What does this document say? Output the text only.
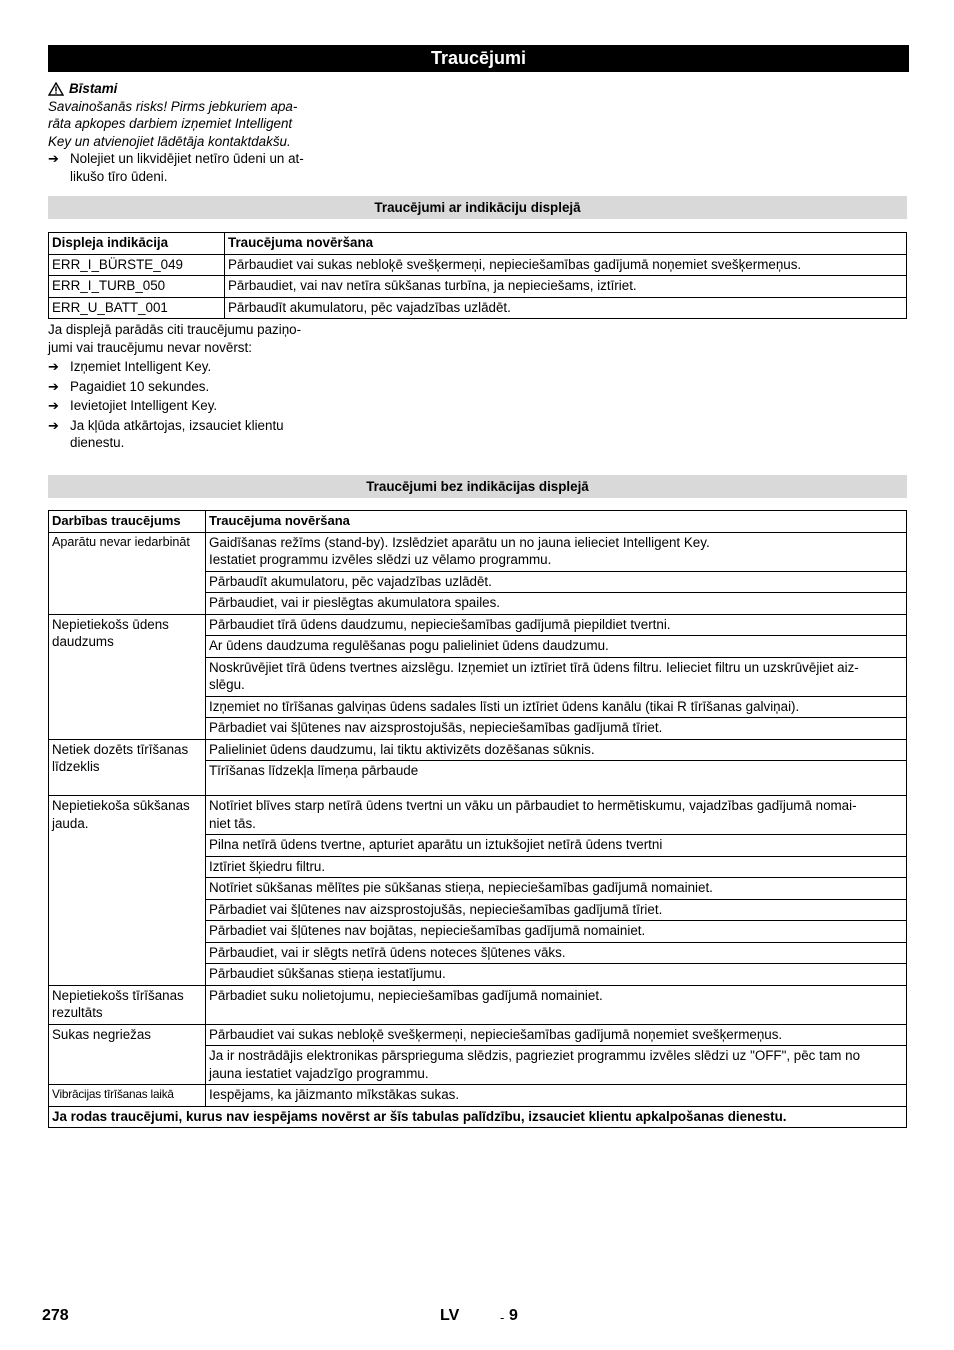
Traucējumi
Bīstami
Savainošanās risks! Pirms jebkuriem apa-
rāta apkopes darbiem izņemiet Intelligent
Key un atvienojiet lādētāja kontaktdakšu.
➔ Nolejiet un likvidējiet netīro ūdeni un at-
likušo tīro ūdeni.
Traucējumi ar indikāciju displejā
Displeja indikācija	Traucējuma novēršana
ERR_I_BÜRSTE_049	Pārbaudiet vai sukas nebloķē svešķermeņi, nepieciešamības gadījumā noņemiet svešķermeņus.
ERR_I_TURB_050	Pārbaudiet, vai nav netīra sūkšanas turbīna, ja nepieciešams, iztīriet.
ERR_U_BATT_001	Pārbaudīt akumulatoru, pēc vajadzības uzlādēt.
Ja displejā parādās citi traucējumu paziņo-
jumi vai traucējumu nevar novērst:
➔ Izņemiet Intelligent Key.
➔ Pagaidiet 10 sekundes.
➔ Ievietojiet Intelligent Key.
➔ Ja kļūda atkārtojas, izsauciet klientu
dienestu.
Traucējumi bez indikācijas displejā
Darbības traucējums	Traucējuma novēršana
Aparātu nevar iedarbināt	Gaidīšanas režīms (stand-by). Izslēdziet aparātu un no jauna ielieciet Intelligent Key.
Iestatiet programmu izvēles slēdzi uz vēlamo programmu.
	Pārbaudīt akumulatoru, pēc vajadzības uzlādēt.
	Pārbaudiet, vai ir pieslēgtas akumulatora spailes.
Nepietiekošs ūdens daudzums	Pārbaudiet tīrā ūdens daudzumu, nepieciešamības gadījumā piepildiet tvertni.
	Ar ūdens daudzuma regulēšanas pogu palieliniet ūdens daudzumu.
	Noskrūvējiet tīrā ūdens tvertnes aizslēgu. Izņemiet un iztīriet tīrā ūdens filtru. Ielieciet filtru un uzskrūvējiet aiz-
slēgu.
	Izņemiet no tīrīšanas galviņas ūdens sadales līsti un iztīriet ūdens kanālu (tikai R tīrīšanas galviņai).
	Pārbadiet vai šļūtenes nav aizsprostojušās, nepieciešamības gadījumā tīriet.
Netiek dozēts tīrīšanas līdzeklis	Palieliniet ūdens daudzumu, lai tiktu aktivizēts dozēšanas sūknis.
	Tīrīšanas līdzekļa līmeņa pārbaude
Nepietiekoša sūkšanas jauda.	Notīriet blīves starp netīrā ūdens tvertni un vāku un pārbaudiet to hermētiskumu, vajadzības gadījumā nomai-
niet tās.
	Pilna netīrā ūdens tvertne, apturiet aparātu un iztukšojiet netīrā ūdens tvertni
	Iztīriet šķiedru filtru.
	Notīriet sūkšanas mēlītes pie sūkšanas stieņa, nepieciešamības gadījumā nomainiet.
	Pārbadiet vai šļūtenes nav aizsprostojušās, nepieciešamības gadījumā tīriet.
	Pārbadiet vai šļūtenes nav bojātas, nepieciešamības gadījumā nomainiet.
	Pārbaudiet, vai ir slēgts netīrā ūdens noteces šļūtenes vāks.
	Pārbaudiet sūkšanas stieņa iestatījumu.
Nepietiekošs tīrīšanas rezultāts	Pārbadiet suku nolietojumu, nepieciešamības gadījumā nomainiet.
Sukas negriežas	Pārbaudiet vai sukas nebloķē svešķermeņi, nepieciešamības gadījumā noņemiet svešķermeņus.
	Ja ir nostrādājis elektronikas pārsprieguma slēdzis, pagrieziet programmu izvēles slēdzi uz "OFF", pēc tam no
jauna iestatiet vajadzīgo programmu.
Vibrācijas tīrīšanas laikā	Iespējams, ka jāizmanto mīkstākas sukas.
Ja rodas traucējumi, kurus nav iespējams novērst ar šīs tabulas palīdzību, izsauciet klientu apkalpošanas dienestu.	
278	LV	- 9
